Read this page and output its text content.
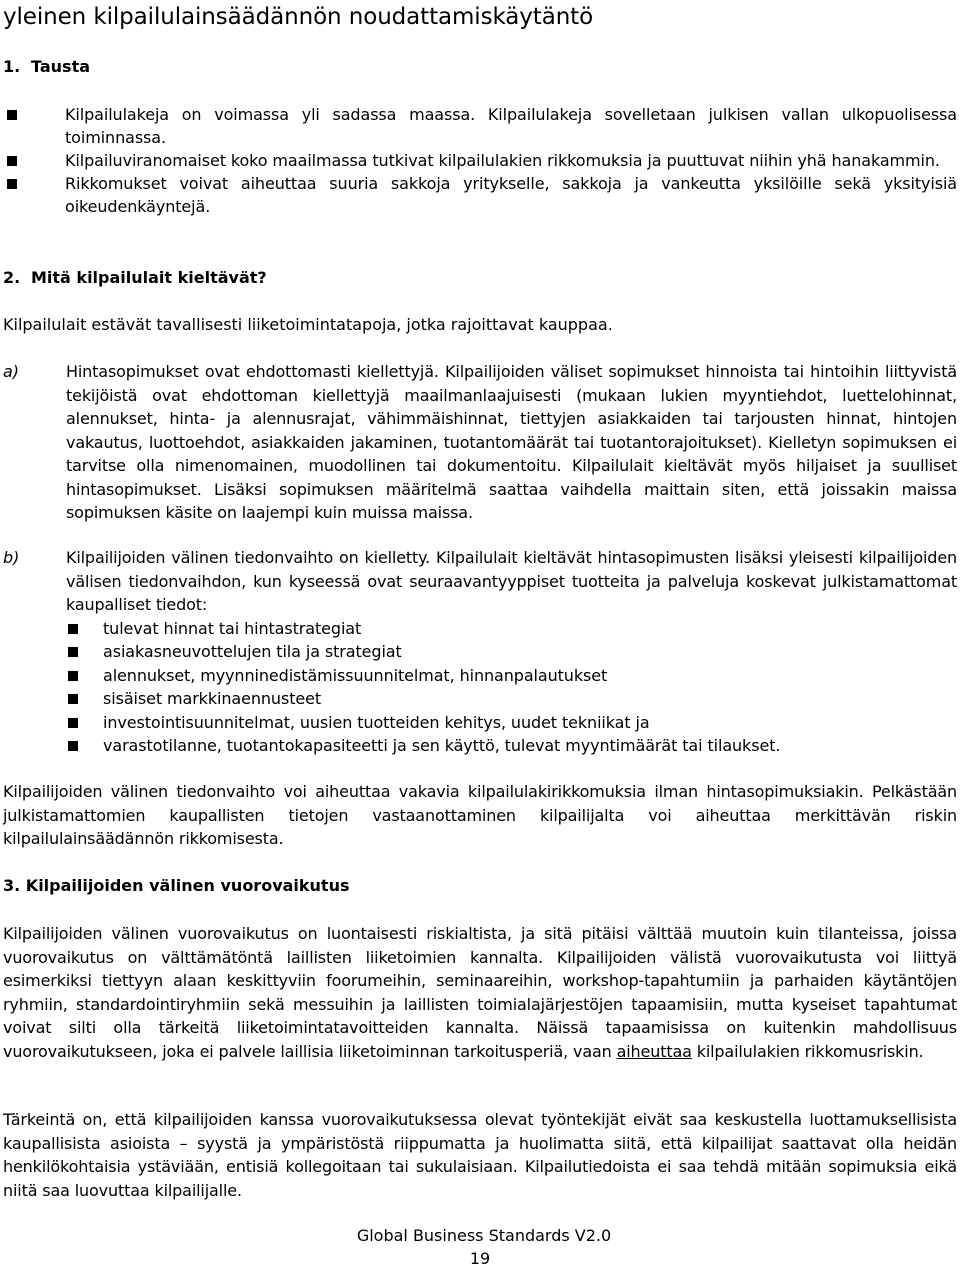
yleinen kilpailulainsäädännön noudattamiskäytäntö
1. Tausta
Kilpailulakeja on voimassa yli sadassa maassa. Kilpailulakeja sovelletaan julkisen vallan ulkopuolisessa toiminnassa.
Kilpailuviranomaiset koko maailmassa tutkivat kilpailulakien rikkomuksia ja puuttuvat niihin yhä hanakammin.
Rikkomukset voivat aiheuttaa suuria sakkoja yritykselle, sakkoja ja vankeutta yksilöille sekä yksityisiä oikeudenkäyntejä.
2. Mitä kilpailulait kieltävät?

Kilpailulait estävät tavallisesti liiketoimintatapoja, jotka rajoittavat kauppaa.

a)	Hintasopimukset ovat ehdottomasti kiellettyjä. Kilpailijoiden väliset sopimukset hinnoista tai hintoihin liittyvistä tekijöistä ovat ehdottoman kiellettyjä maailmanlaajuisesti (mukaan lukien myyntiehdot, luettelohinnat, alennukset, hinta- ja alennusrajat, vähimmäishinnat, tiettyjen asiakkaiden tai tarjousten hinnat, hintojen vakautus, luottoehdot, asiakkaiden jakaminen, tuotantomäärät tai tuotantorajoitukset). Kielletyn sopimuksen ei tarvitse olla nimenomainen, muodollinen tai dokumentoitu. Kilpailulait kieltävät myös hiljaiset ja suulliset hintasopimukset. Lisäksi sopimuksen määritelmä saattaa vaihdella maittain siten, että joissakin maissa sopimuksen käsite on laajempi kuin muissa maissa.
b)	Kilpailijoiden välinen tiedonvaihto on kielletty. Kilpailulait kieltävät hintasopimusten lisäksi yleisesti kilpailijoiden välisen tiedonvaihdon, kun kyseessä ovat seuraavantyyppiset tuotteita ja palveluja koskevat julkistamattomat kaupalliset tiedot:
tulevat hinnat tai hintastrategiat
asiakasneuvottelujen tila ja strategiat
alennukset, myynninedistämissuunnitelmat, hinnanpalautukset
sisäiset markkinaennusteet
investointisuunnitelmat, uusien tuotteiden kehitys, uudet tekniikat ja
varastotilanne, tuotantokapasiteetti ja sen käyttö, tulevat myyntimäärät tai tilaukset.

Kilpailijoiden välinen tiedonvaihto voi aiheuttaa vakavia kilpailulakirikkomuksia ilman hintasopimuksiakin. Pelkästään julkistamattomien kaupallisten tietojen vastaanottaminen kilpailijalta voi aiheuttaa merkittävän riskin kilpailulainsäädännön rikkomisesta.

3. Kilpailijoiden välinen vuorovaikutus

Kilpailijoiden välinen vuorovaikutus on luontaisesti riskialtista, ja sitä pitäisi välttää muutoin kuin tilanteissa, joissa vuorovaikutus on välttämätöntä laillisten liiketoimien kannalta. Kilpailijoiden välistä vuorovaikutusta voi liittyä esimerkiksi tiettyyn alaan keskittyviin foorumeihin, seminaareihin, workshop-tapahtumiin ja parhaiden käytäntöjen ryhmiin, standardointiryhmiin sekä messuihin ja laillisten toimialajärjestöjen tapaamisiin, mutta kyseiset tapahtumat voivat silti olla tärkeitä liiketoimintatavoitteiden kannalta. Näissä tapaamisissa on kuitenkin mahdollisuus vuorovaikutukseen, joka ei palvele laillisia liiketoiminnan tarkoitusperiä, vaan aiheuttaa kilpailulakien rikkomusriskin.

Tärkeintä on, että kilpailijoiden kanssa vuorovaikutuksessa olevat työntekijät eivät saa keskustella luottamuksellisista kaupallisista asioista – syystä ja ympäristöstä riippumatta ja huolimatta siitä, että kilpailijat saattavat olla heidän henkilökohtaisia ystäviään, entisiä kollegoitaan tai sukulaisiaan. Kilpailutiedoista ei saa tehdä mitään sopimuksia eikä niitä saa luovuttaa kilpailijalle.

Global Business Standards V2.0
19
